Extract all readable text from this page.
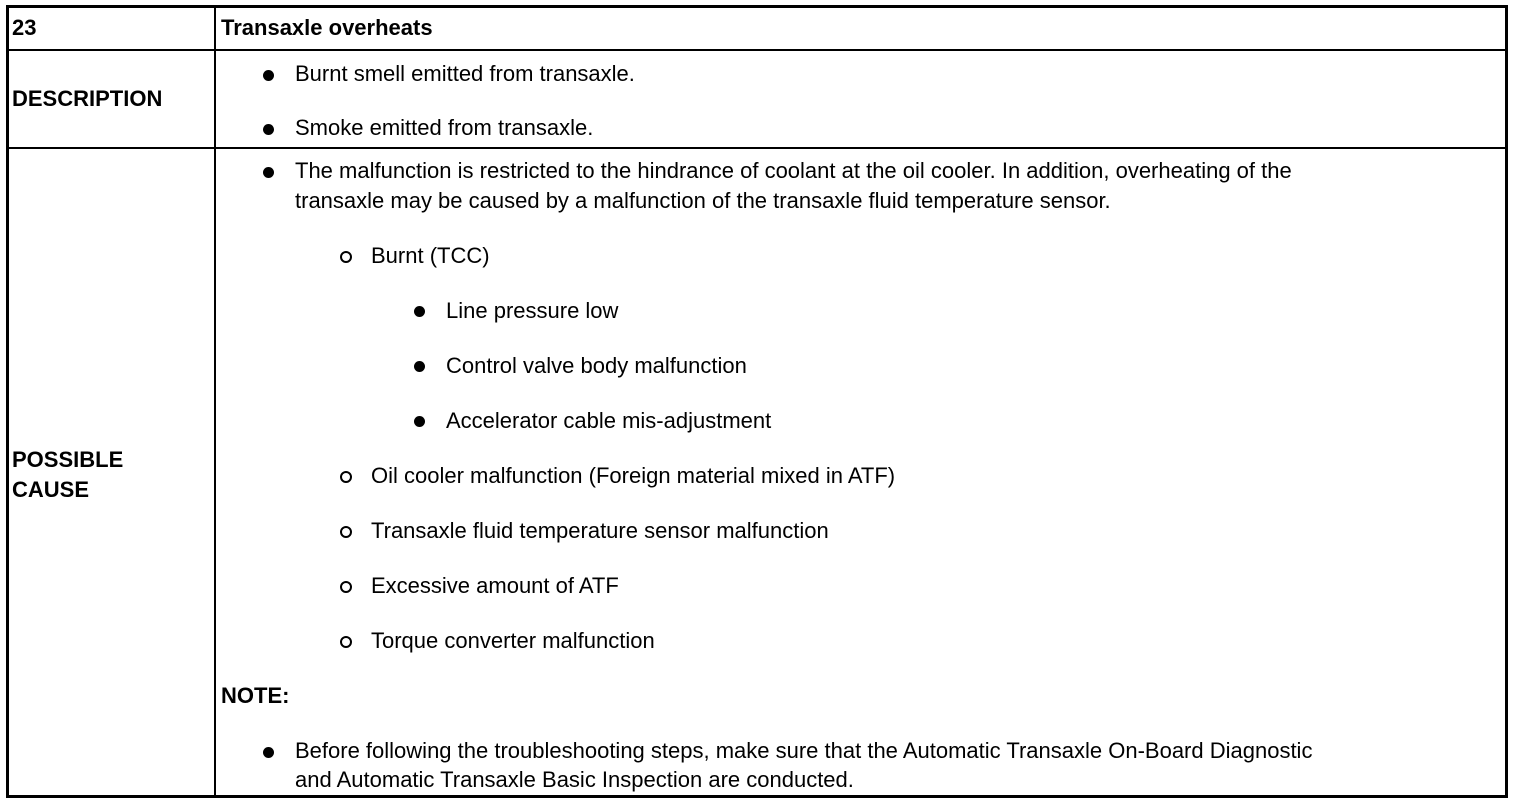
23	Transaxle overheats
DESCRIPTION
Burnt smell emitted from transaxle.
Smoke emitted from transaxle.
POSSIBLE
CAUSE
The malfunction is restricted to the hindrance of coolant at the oil cooler. In addition, overheating of the
transaxle may be caused by a malfunction of the transaxle fluid temperature sensor.
Burnt (TCC)
Line pressure low
Control valve body malfunction
Accelerator cable mis-adjustment
Oil cooler malfunction (Foreign material mixed in ATF)
Transaxle fluid temperature sensor malfunction
Excessive amount of ATF
Torque converter malfunction
NOTE:
Before following the troubleshooting steps, make sure that the Automatic Transaxle On-Board Diagnostic
and Automatic Transaxle Basic Inspection are conducted.
